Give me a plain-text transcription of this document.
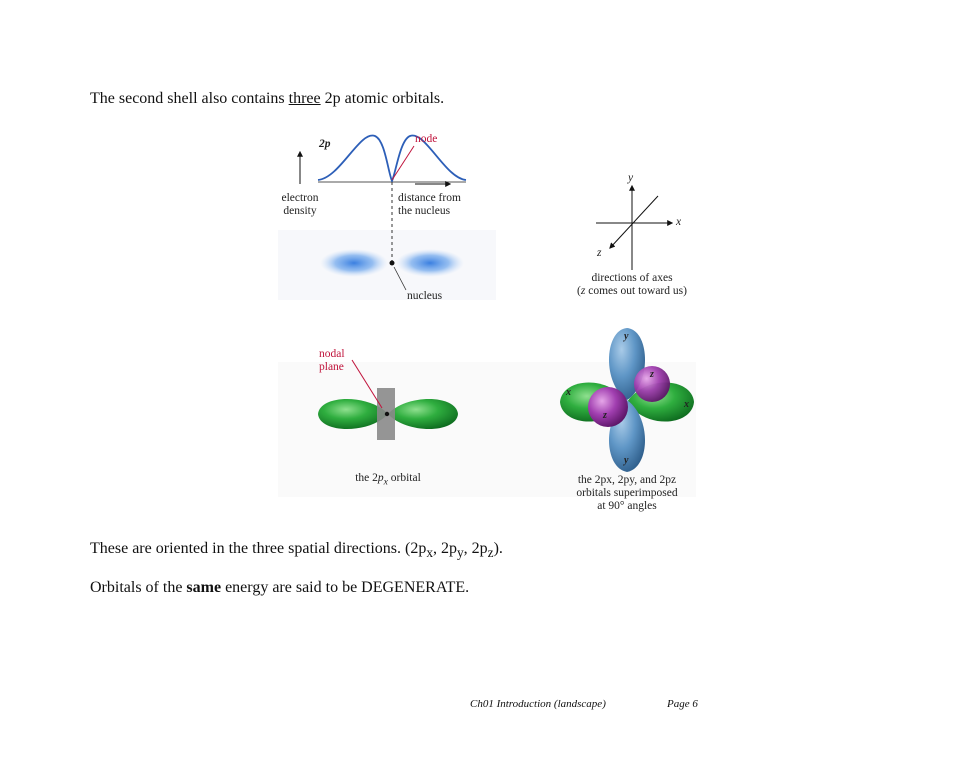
The second shell also contains three 2p atomic orbitals.

2p	node
electron
density
distance from
the nucleus
nucleus
y
x
z
directions of axes
(z comes out toward us)
nodal
plane
the $2p_x$ orbital
y
x
x
z
z
y
the 2px, 2py, and 2pz
orbitals superimposed
at 90° angles

These are oriented in the three spatial directions. ($2p_x$, $2p_y$, $2p_z$).

Orbitals of the same energy are said to be DEGENERATE.

Ch01 Introduction (landscape)	Page 6
